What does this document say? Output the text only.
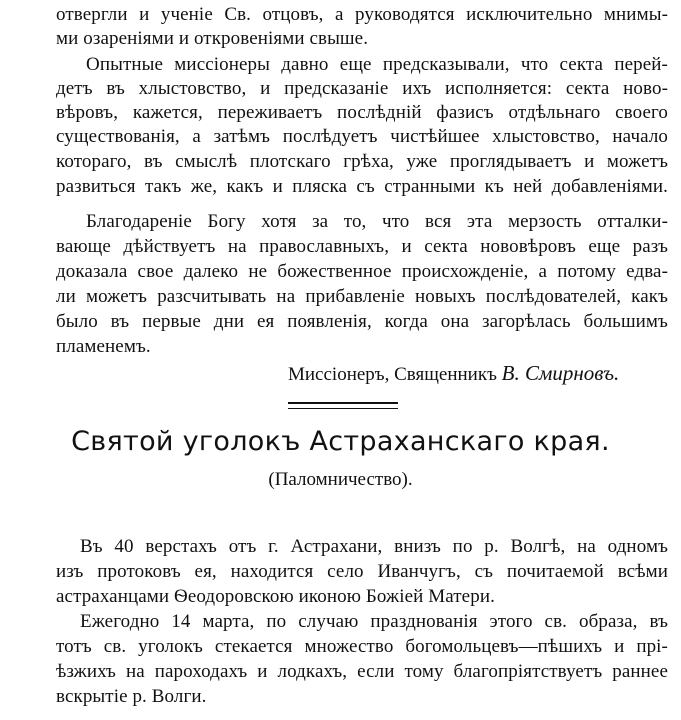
отвергли и ученіе Св. отцовъ, а руководятся исключительно мнимы-
ми озареніями и откровеніями свыше.
Опытные миссіонеры давно еще предсказывали, что секта перей-
детъ въ хлыстовство, и предсказаніе ихъ исполняется: секта ново-
вѣровъ, кажется, переживаетъ послѣдній фазисъ отдѣльнаго своего
существованія, а затѣмъ послѣдуетъ чистѣйшее хлыстовство, начало
котораго, въ смыслѣ плотскаго грѣха, уже проглядываетъ и можетъ
развиться такъ же, какъ и пляска съ странными къ ней добавленіями.
Благодареніе Богу хотя за то, что вся эта мерзость отталки-
вающе дѣйствуетъ на православныхъ, и секта нововѣровъ еще разъ
доказала свое далеко не божественное происхожденіе, а потому едва-
ли можетъ разсчитывать на прибавленіе новыхъ послѣдователей, какъ
было въ первые дни ея появленія, когда она загорѣлась большимъ
пламенемъ.
Миссіонеръ, Священникъ В. Смирновъ.
Святой уголокъ Астраханскаго края.
(Паломничество).
Въ 40 верстахъ отъ г. Астрахани, внизъ по р. Волгѣ, на одномъ
изъ протоковъ ея, находится село Иванчугъ, съ почитаемой всѣми
астраханцами Ѳеодоровскою иконою Божіей Матери.
Ежегодно 14 марта, по случаю празднованія этого св. образа, въ
тотъ св. уголокъ стекается множество богомольцевъ—пѣшихъ и прі-
ѣзжихъ на пароходахъ и лодкахъ, если тому благопріятствуетъ раннее
вскрытіе р. Волги.
